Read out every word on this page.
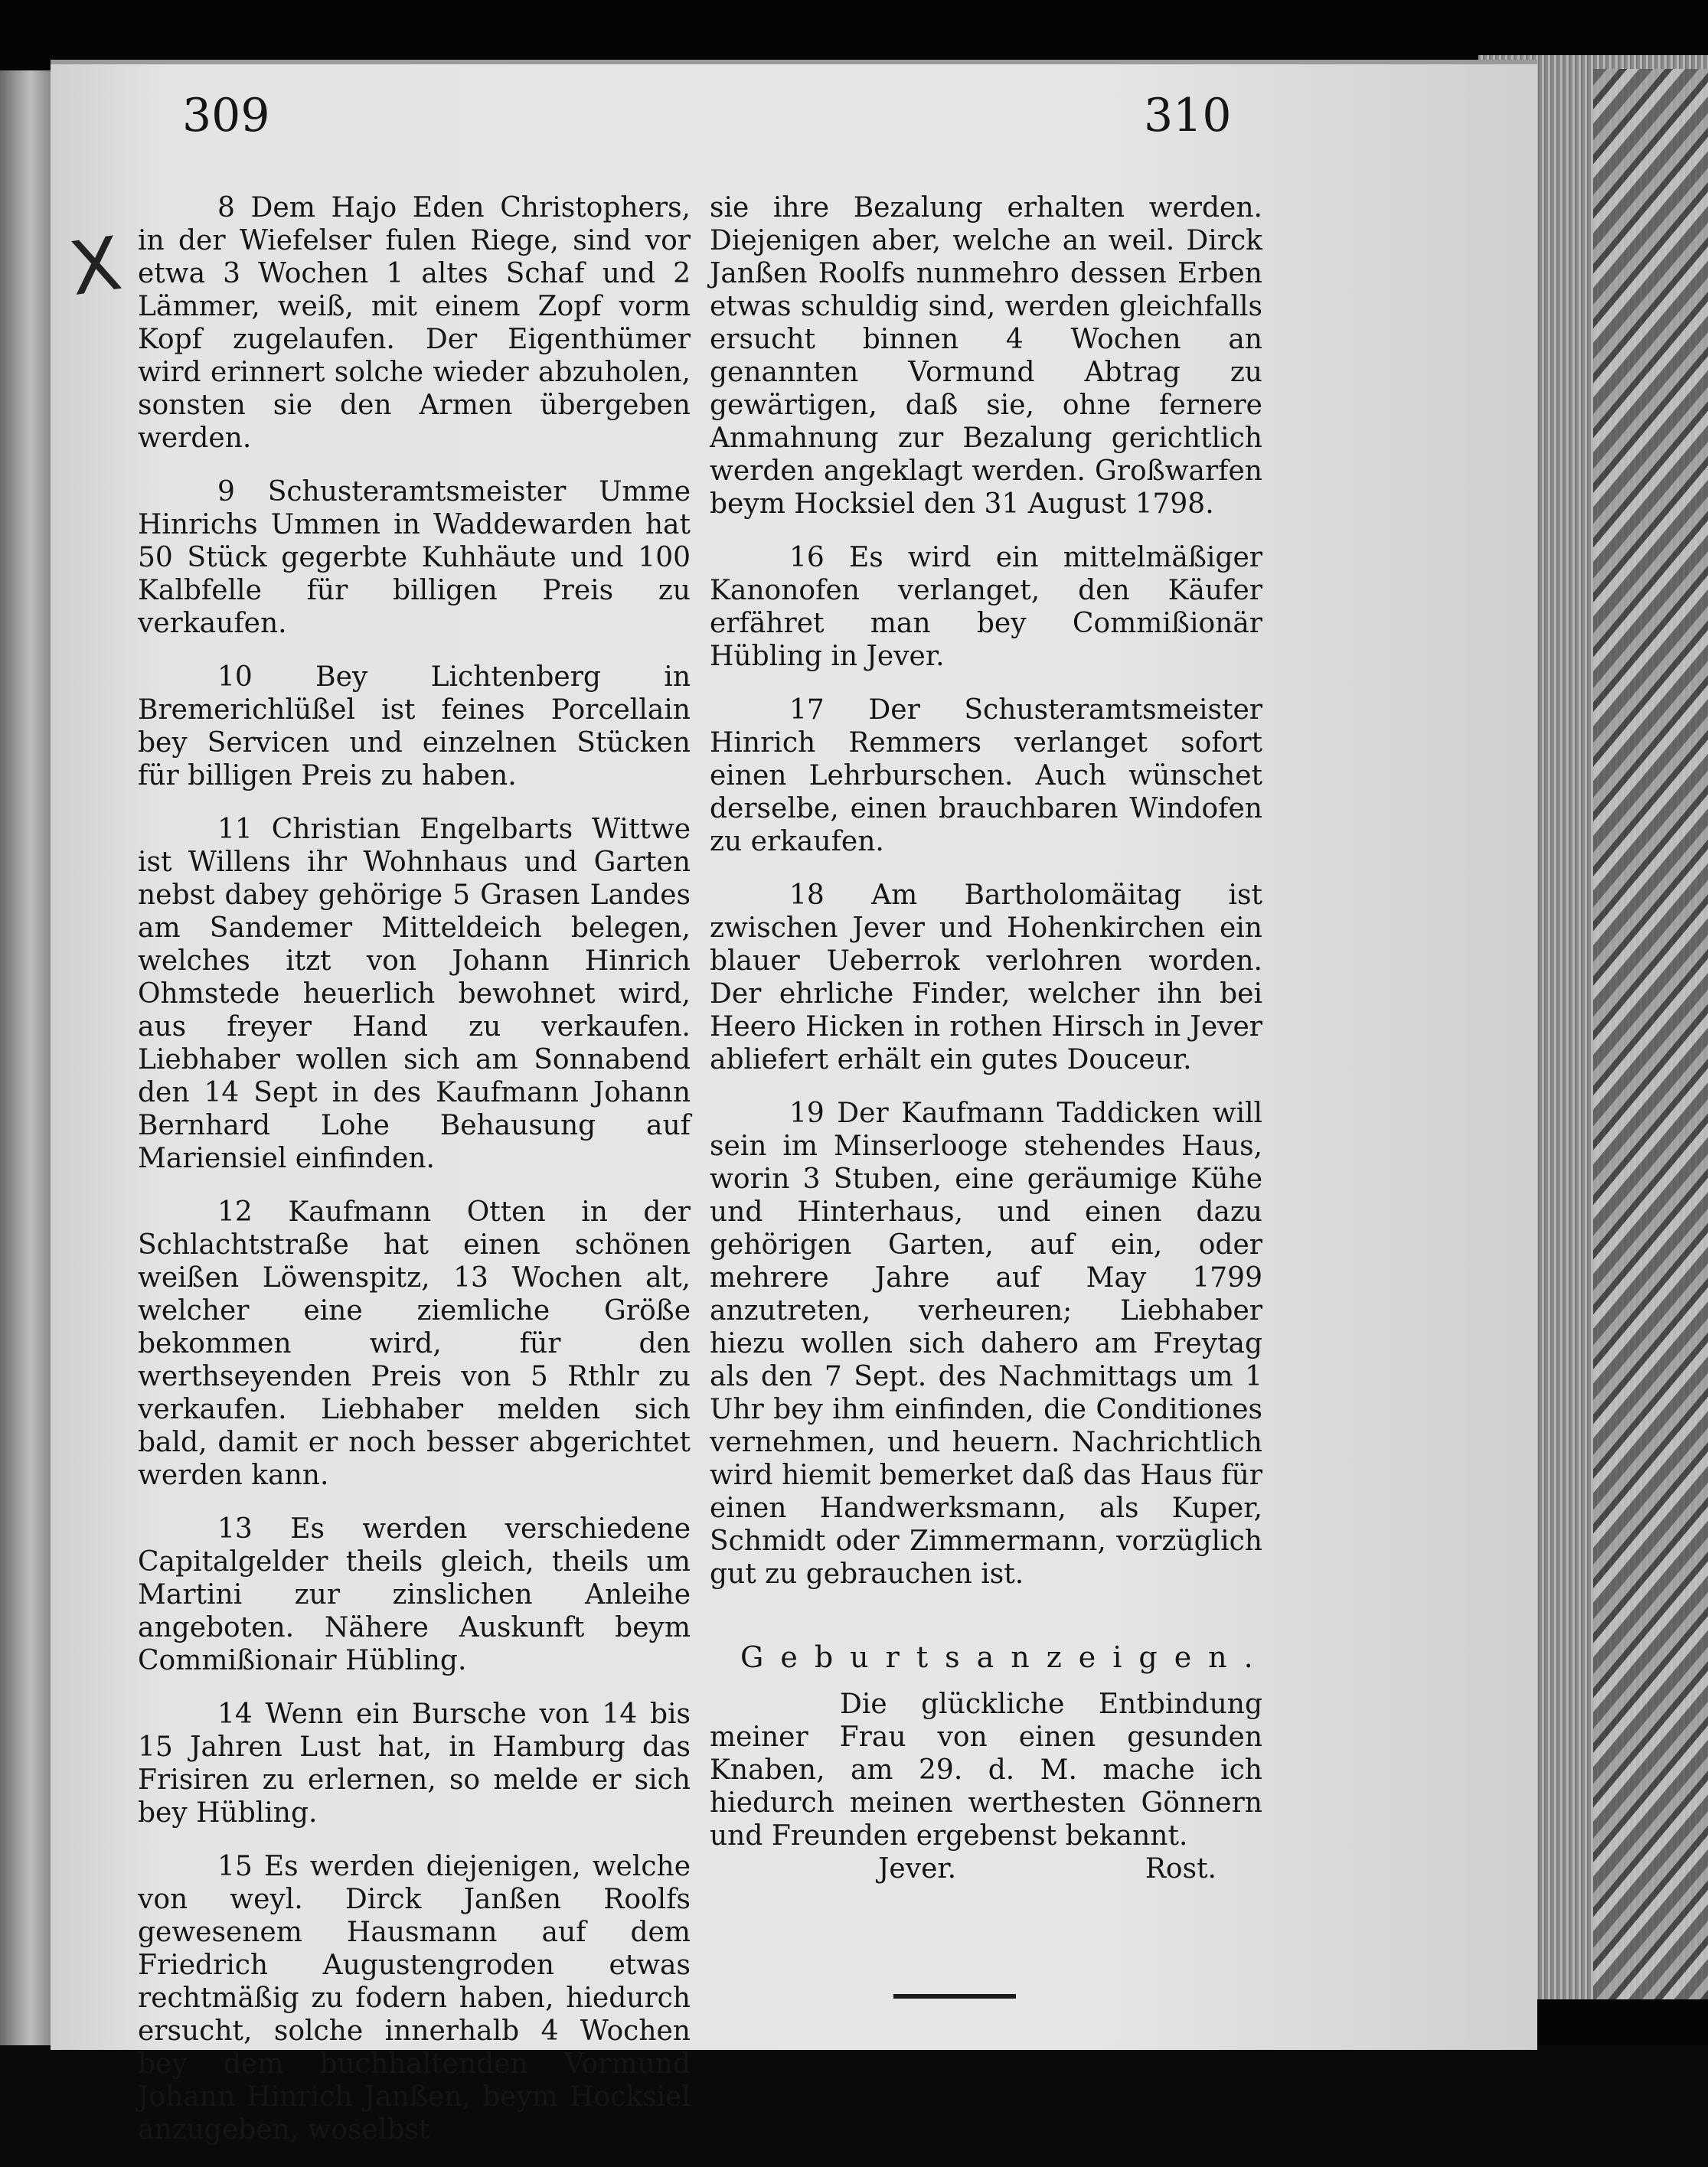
309	310
X

8 Dem Hajo Eden Christophers, in der Wiefelser fulen Riege, sind vor etwa 3 Wochen 1 altes Schaf und 2 Lämmer, weiß, mit einem Zopf vorm Kopf zugelaufen. Der Eigenthümer wird erinnert solche wieder abzuholen, sonsten sie den Armen übergeben werden.

9 Schusteramtsmeister Umme Hinrichs Ummen in Waddewarden hat 50 Stück gegerbte Kuhhäute und 100 Kalbfelle für billigen Preis zu verkaufen.

10 Bey Lichtenberg in Bremerichlüßel ist feines Porcellain bey Servicen und einzelnen Stücken für billigen Preis zu haben.

11 Christian Engelbarts Wittwe ist Willens ihr Wohnhaus und Garten nebst dabey gehörige 5 Grasen Landes am Sandemer Mitteldeich belegen, welches itzt von Johann Hinrich Ohmstede heuerlich bewohnet wird, aus freyer Hand zu verkaufen. Liebhaber wollen sich am Sonnabend den 14 Sept in des Kaufmann Johann Bernhard Lohe Behausung auf Mariensiel einfinden.

12 Kaufmann Otten in der Schlachtstraße hat einen schönen weißen Löwenspitz, 13 Wochen alt, welcher eine ziemliche Größe bekommen wird, für den werthseyenden Preis von 5 Rthlr zu verkaufen. Liebhaber melden sich bald, damit er noch besser abgerichtet werden kann.

13 Es werden verschiedene Capitalgelder theils gleich, theils um Martini zur zinslichen Anleihe angeboten. Nähere Auskunft beym Commißionair Hübling.

14 Wenn ein Bursche von 14 bis 15 Jahren Lust hat, in Hamburg das Frisiren zu erlernen, so melde er sich bey Hübling.

15 Es werden diejenigen, welche von weyl. Dirck Janßen Roolfs gewesenem Hausmann auf dem Friedrich Augustengroden etwas rechtmäßig zu fodern haben, hiedurch ersucht, solche innerhalb 4 Wochen bey dem buchhaltenden Vormund Johann Hinrich Janßen, beym Hocksiel anzugeben, woselbst

sie ihre Bezalung erhalten werden. Diejenigen aber, welche an weil. Dirck Janßen Roolfs nunmehro dessen Erben etwas schuldig sind, werden gleichfalls ersucht binnen 4 Wochen an genannten Vormund Abtrag zu gewärtigen, daß sie, ohne fernere Anmahnung zur Bezalung gerichtlich werden angeklagt werden. Großwarfen beym Hocksiel den 31 August 1798.

16 Es wird ein mittelmäßiger Kanonofen verlanget, den Käufer erfähret man bey Commißionär Hübling in Jever.

17 Der Schusteramtsmeister Hinrich Remmers verlanget sofort einen Lehrburschen. Auch wünschet derselbe, einen brauchbaren Windofen zu erkaufen.

18 Am Bartholomäitag ist zwischen Jever und Hohenkirchen ein blauer Ueberrok verlohren worden. Der ehrliche Finder, welcher ihn bei Heero Hicken in rothen Hirsch in Jever abliefert erhält ein gutes Douceur.

19 Der Kaufmann Taddicken will sein im Minserlooge stehendes Haus, worin 3 Stuben, eine geräumige Kühe und Hinterhaus, und einen dazu gehörigen Garten, auf ein, oder mehrere Jahre auf May 1799 anzutreten, verheuren; Liebhaber hiezu wollen sich dahero am Freytag als den 7 Sept. des Nachmittags um 1 Uhr bey ihm einfinden, die Conditiones vernehmen, und heuern. Nachrichtlich wird hiemit bemerket daß das Haus für einen Handwerksmann, als Kuper, Schmidt oder Zimmermann, vorzüglich gut zu gebrauchen ist.

Geburtsanzeigen.

Die glückliche Entbindung meiner Frau von einen gesunden Knaben, am 29. d. M. mache ich hiedurch meinen werthesten Gönnern und Freunden ergebenst bekannt.

Jever.	Rost.
